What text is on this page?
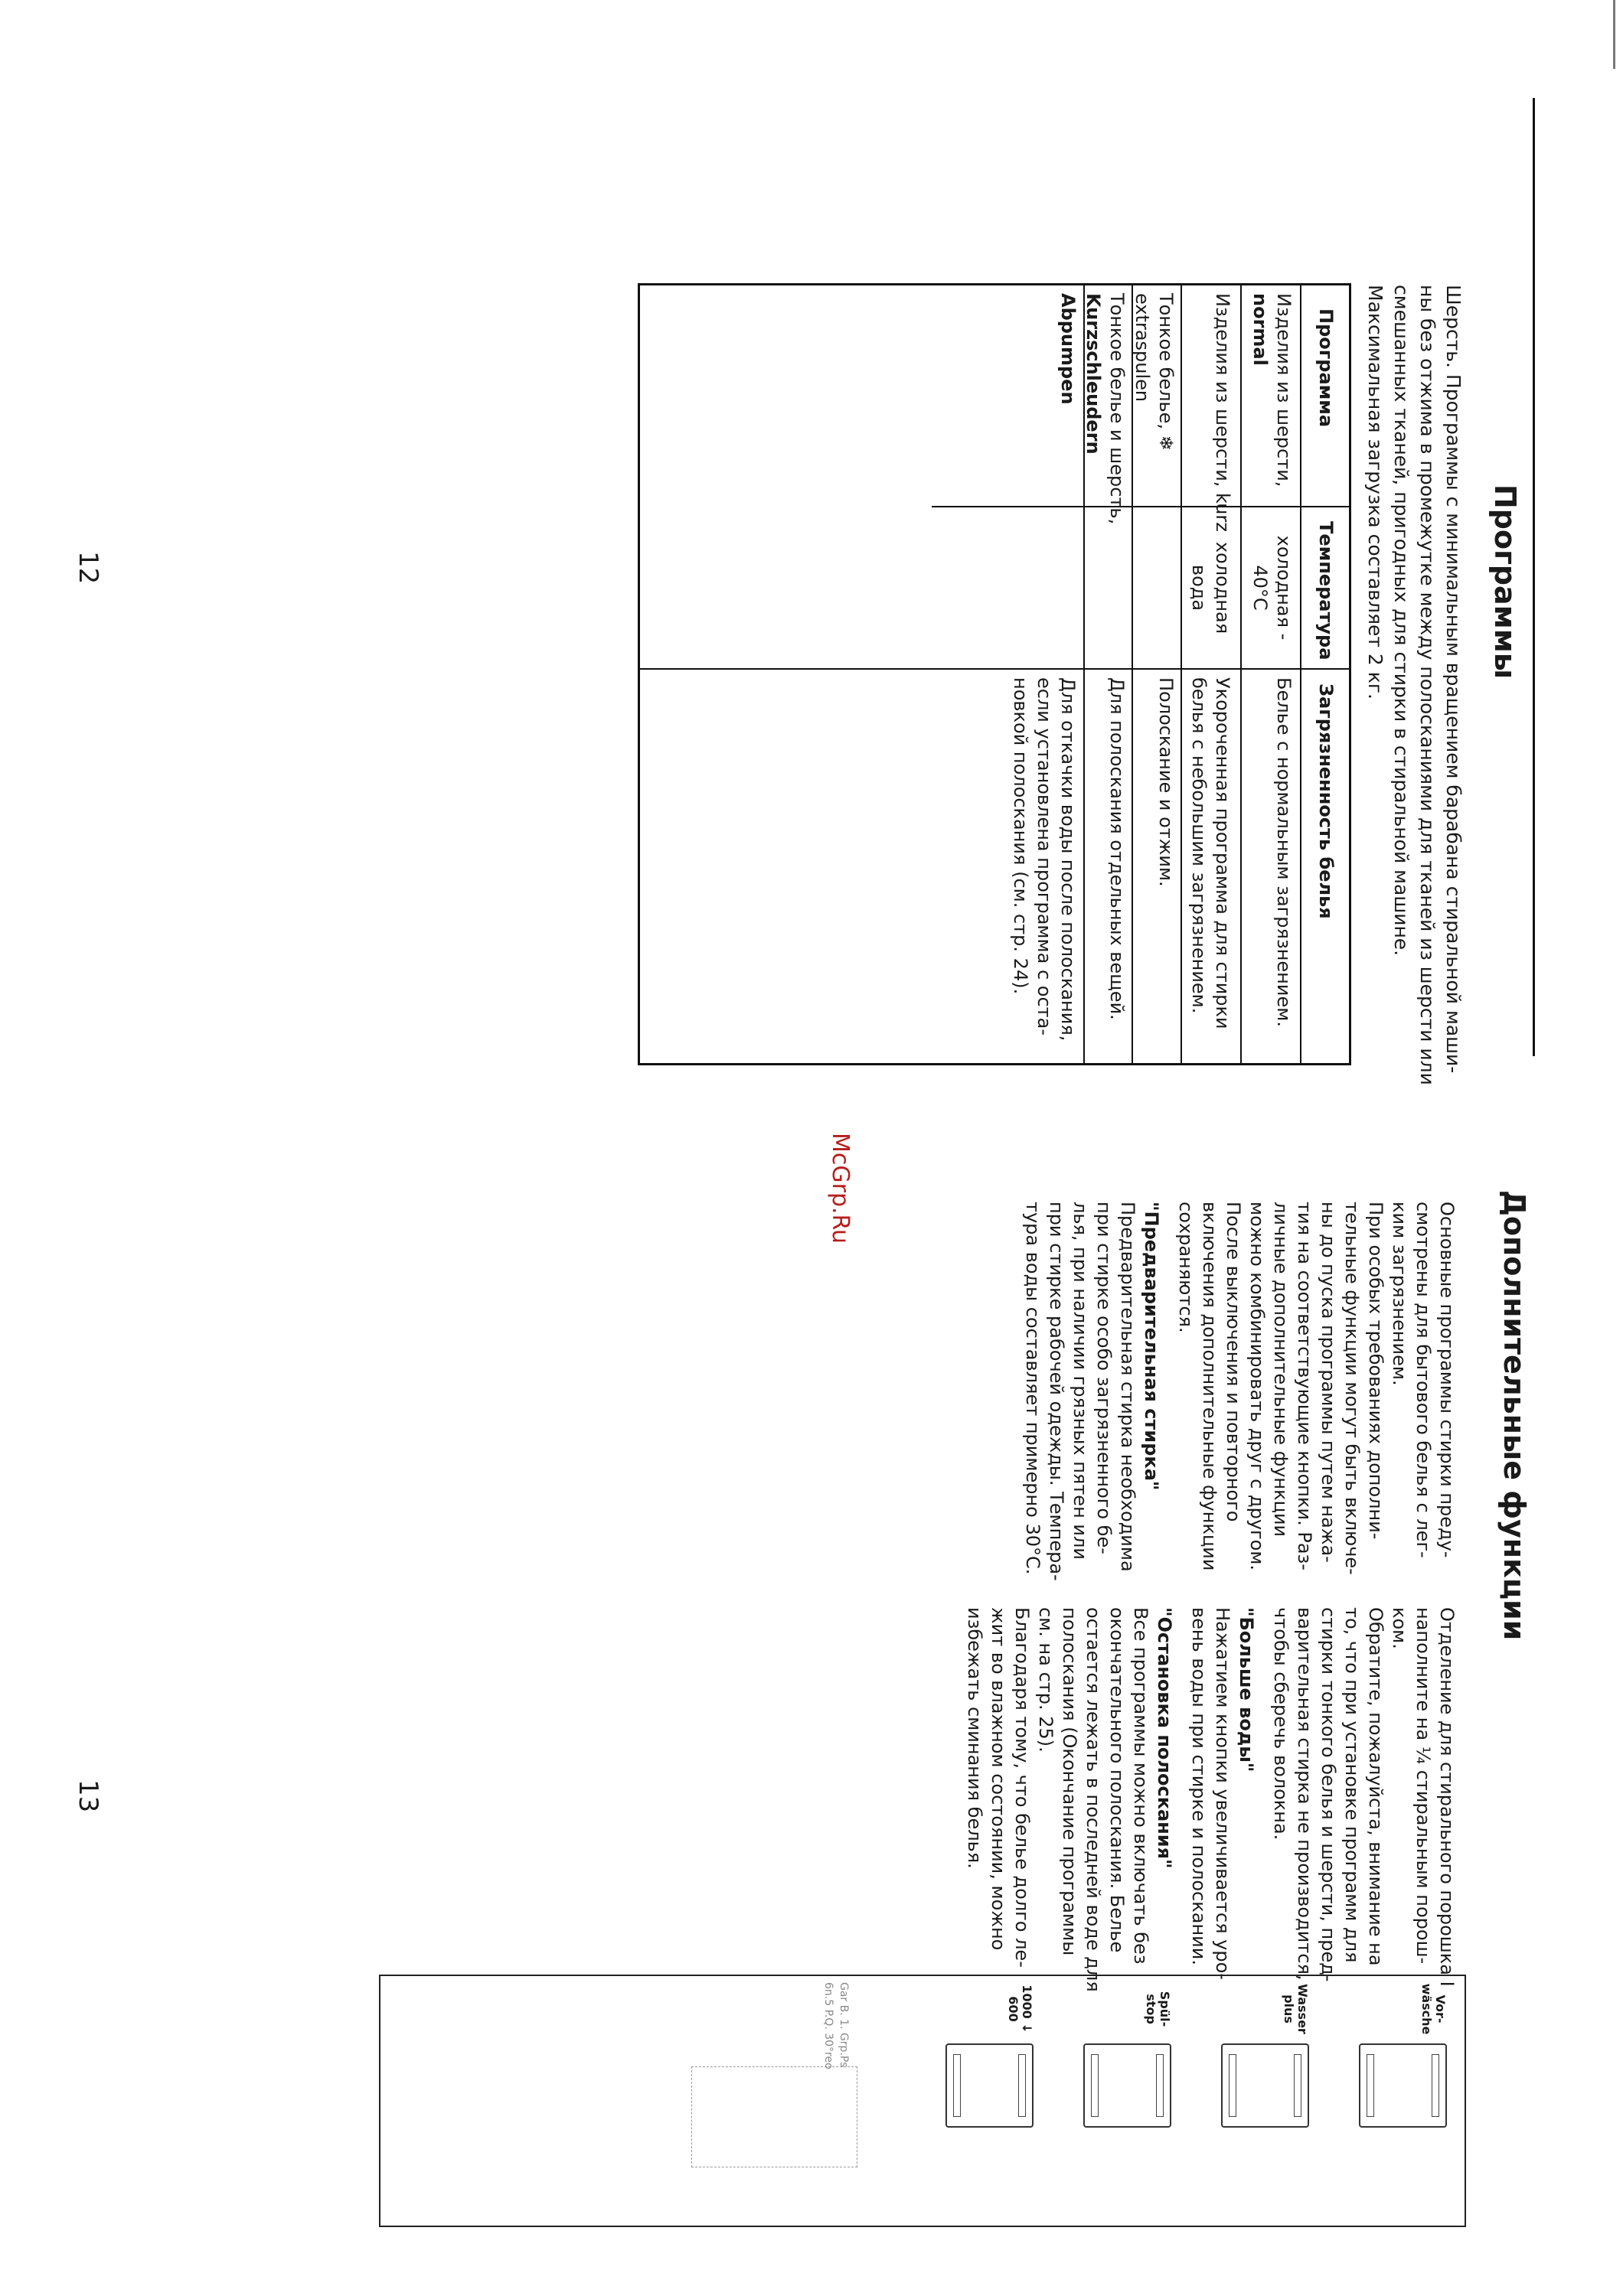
Программы
Шерсть. Программы с минимальным вращением барабана стиральной маши-
ны без отжима в промежутке между полосканиями для тканей из шерсти или
смешанных тканей, пригодных для стирки в стиральной машине.
Максимальная загрузка составляет 2 кг.
Программа
Температура
Загрязненность белья
Изделия из шерсти,
normal
холодная -
40°C
Белье с нормальным загрязнением.
Изделия из шерсти, kurz
холодная
вода
Укороченная программа для стирки
белья с небольшим загрязнением.
Тонкое белье, ❄
extraspulen
Полоскание и отжим.
Тонкое белье и шерсть,
Kurzschleudern
Для полоскания отдельных вещей.
Abpumpen
Для откачки воды после полоскания,
если установлена программа с оста-
новкой полоскания (см. стр. 24).
12
Дополнительные функции
McGrp.Ru
Основные программы стирки преду-
смотрены для бытового белья с лег-
ким загрязнением.
При особых требованиях дополни-
тельные функции могут быть включе-
ны до пуска программы путем нажа-
тия на соответствующие кнопки. Раз-
личные дополнительные функции
можно комбинировать друг с другом.
После выключения и повторного
включения дополнительные функции
сохраняются.
"Предварительная стирка"
Предварительная стирка необходима
при стирке особо загрязненного бе-
лья, при наличии грязных пятен или
при стирке рабочей одежды. Темпера-
тура воды составляет примерно 30°C.
Отделение для стирального порошка I
наполните на ¼ стиральным порош-
ком.
Обратите, пожалуйста, внимание на
то, что при установке программ для
стирки тонкого белья и шерсти, пред-
варительная стирка не производится,
чтобы сберечь волокна.
"Больше воды"
Нажатием кнопки увеличивается уро-
вень воды при стирке и полоскании.
"Остановка полоскания"
Все программы можно включать без
окончательного полоскания. Белье
остается лежать в последней воде для
полоскания (Окончание программы
см. на стр. 25).
Благодаря тому, что белье долго ле-
жит во влажном состоянии, можно
избежать сминания белья.
Vor-wäsche
Wasser plus
Spül-stop
1000 ↓ 600
Gar B. 1. Grp.Ps
6n.5 P.Q. 30°reo
13
